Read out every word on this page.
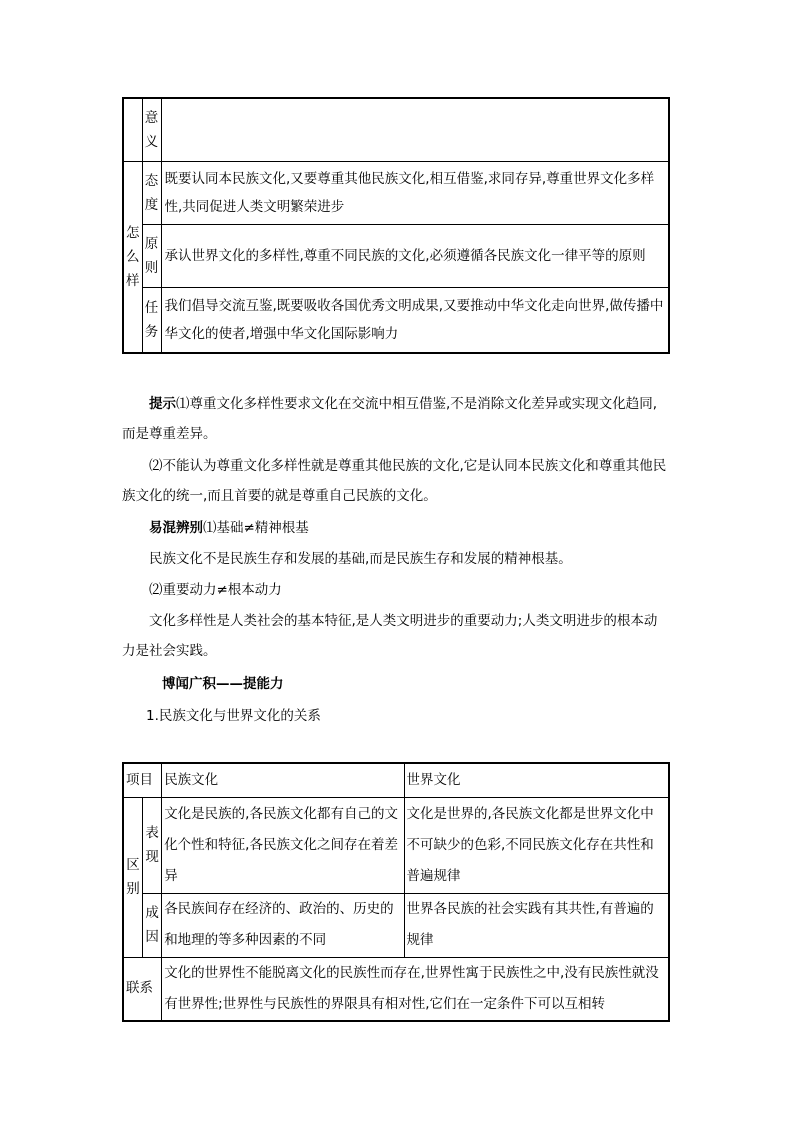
	意义	
怎么样	态度	既要认同本民族文化,又要尊重其他民族文化,相互借鉴,求同存异,尊重世界文化多样性,共同促进人类文明繁荣进步
	原则	承认世界文化的多样性,尊重不同民族的文化,必须遵循各民族文化一律平等的原则
	任务	我们倡导交流互鉴,既要吸收各国优秀文明成果,又要推动中华文化走向世界,做传播中华文化的使者,增强中华文化国际影响力

提示⑴尊重文化多样性要求文化在交流中相互借鉴,不是消除文化差异或实现文化趋同,而是尊重差异。

⑵不能认为尊重文化多样性就是尊重其他民族的文化,它是认同本民族文化和尊重其他民族文化的统一,而且首要的就是尊重自己民族的文化。

易混辨别⑴基础≠精神根基

民族文化不是民族生存和发展的基础,而是民族生存和发展的精神根基。

⑵重要动力≠根本动力

文化多样性是人类社会的基本特征,是人类文明进步的重要动力;人类文明进步的根本动力是社会实践。

博闻广积——提能力

1.民族文化与世界文化的关系

项目		民族文化	世界文化
区别	表现	文化是民族的,各民族文化都有自己的文化个性和特征,各民族文化之间存在着差异	文化是世界的,各民族文化都是世界文化中不可缺少的色彩,不同民族文化存在共性和普遍规律
	成因	各民族间存在经济的、政治的、历史的和地理的等多种因素的不同	世界各民族的社会实践有其共性,有普遍的规律
联系		文化的世界性不能脱离文化的民族性而存在,世界性寓于民族性之中,没有民族性就没有世界性;世界性与民族性的界限具有相对性,它们在一定条件下可以互相转	
